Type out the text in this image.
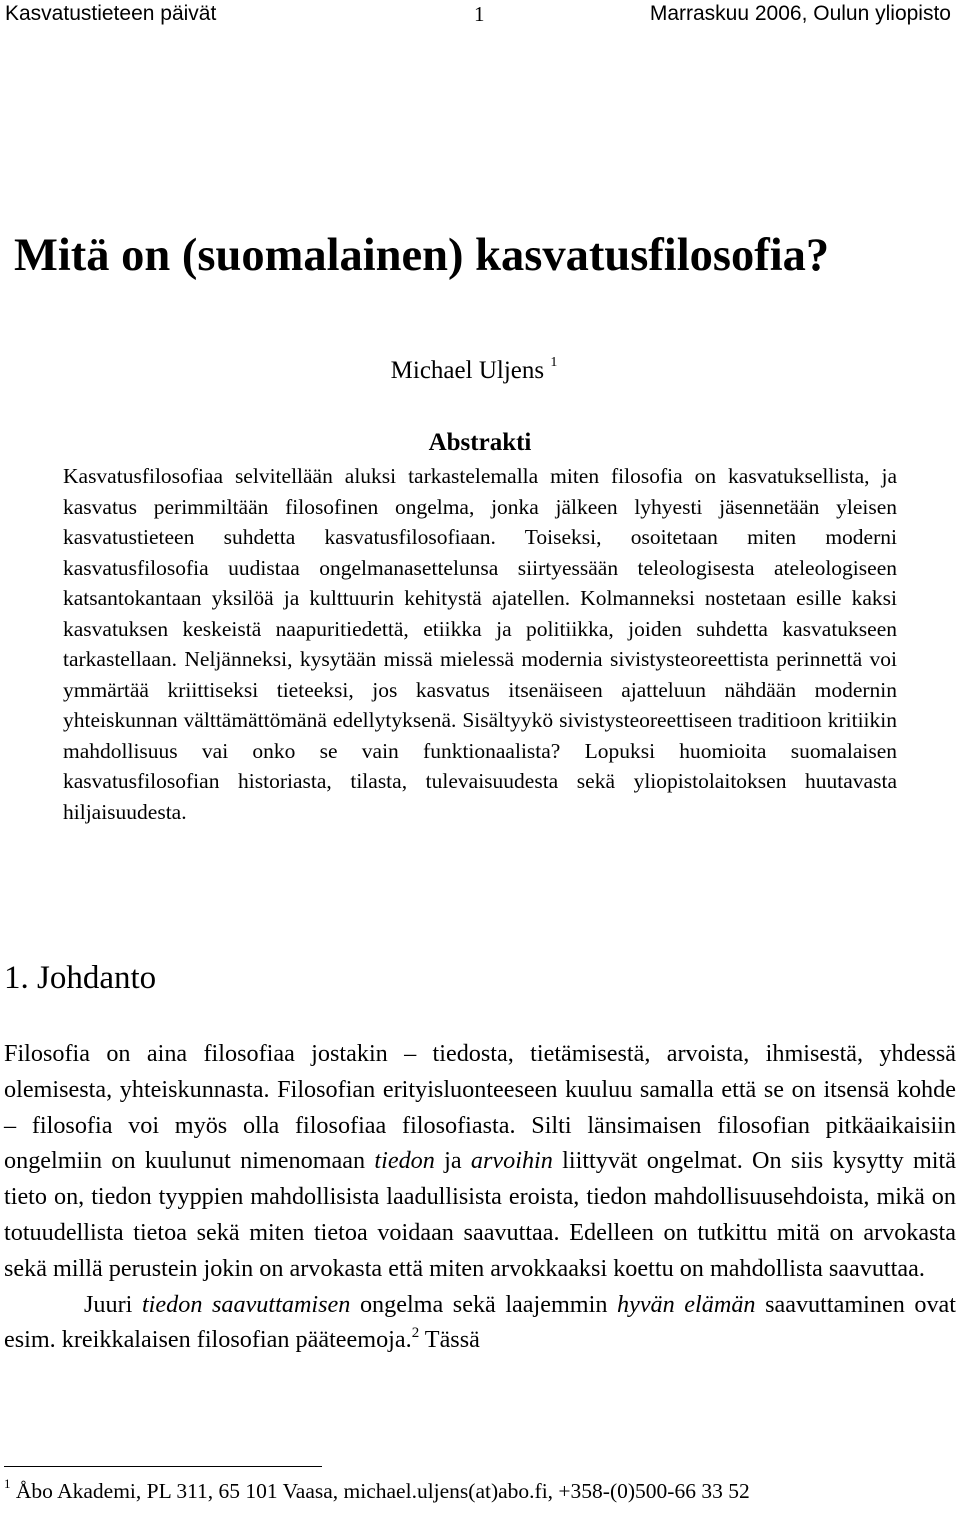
Kasvatustieteen päivät	1	Marraskuu 2006, Oulun yliopisto
Mitä on (suomalainen) kasvatusfilosofia?
Michael Uljens $^1$
Abstrakti

Kasvatusfilosofiaa selvitellään aluksi tarkastelemalla miten filosofia on kasvatuksellista, ja kasvatus perimmiltään filosofinen ongelma, jonka jälkeen lyhyesti jäsennetään yleisen kasvatustieteen suhdetta kasvatusfilosofiaan. Toiseksi, osoitetaan miten moderni kasvatusfilosofia uudistaa ongelmanasettelunsa siirtyessään teleologisesta ateleologiseen katsantokantaan yksilöä ja kulttuurin kehitystä ajatellen. Kolmanneksi nostetaan esille kaksi kasvatuksen keskeistä naapuritiedettä, etiikka ja politiikka, joiden suhdetta kasvatukseen tarkastellaan. Neljänneksi, kysytään missä mielessä modernia sivistysteoreettista perinnettä voi ymmärtää kriittiseksi tieteeksi, jos kasvatus itsenäiseen ajatteluun nähdään modernin yhteiskunnan välttämättömänä edellytyksenä. Sisältyykö sivistysteoreettiseen traditioon kritiikin mahdollisuus vai onko se vain funktionaalista? Lopuksi huomioita suomalaisen kasvatusfilosofian historiasta, tilasta, tulevaisuudesta sekä yliopistolaitoksen huutavasta hiljaisuudesta.

1. Johdanto

Filosofia on aina filosofiaa jostakin – tiedosta, tietämisestä, arvoista, ihmisestä, yhdessä olemisesta, yhteiskunnasta. Filosofian erityisluonteeseen kuuluu samalla että se on itsensä kohde – filosofia voi myös olla filosofiaa filosofiasta. Silti länsimaisen filosofian pitkäaikaisiin ongelmiin on kuulunut nimenomaan tiedon ja arvoihin liittyvät ongelmat. On siis kysytty mitä tieto on, tiedon tyyppien mahdollisista laadullisista eroista, tiedon mahdollisuusehdoista, mikä on totuudellista tietoa sekä miten tietoa voidaan saavuttaa. Edelleen on tutkittu mitä on arvokasta sekä millä perustein jokin on arvokasta että miten arvokkaaksi koettu on mahdollista saavuttaa.

Juuri tiedon saavuttamisen ongelma sekä laajemmin hyvän elämän saavuttaminen ovat esim. kreikkalaisen filosofian pääteemoja.$^2$ Tässä

$^1$ Åbo Akademi, PL 311, 65 101 Vaasa, michael.uljens(at)abo.fi, +358-(0)500-66 33 52
